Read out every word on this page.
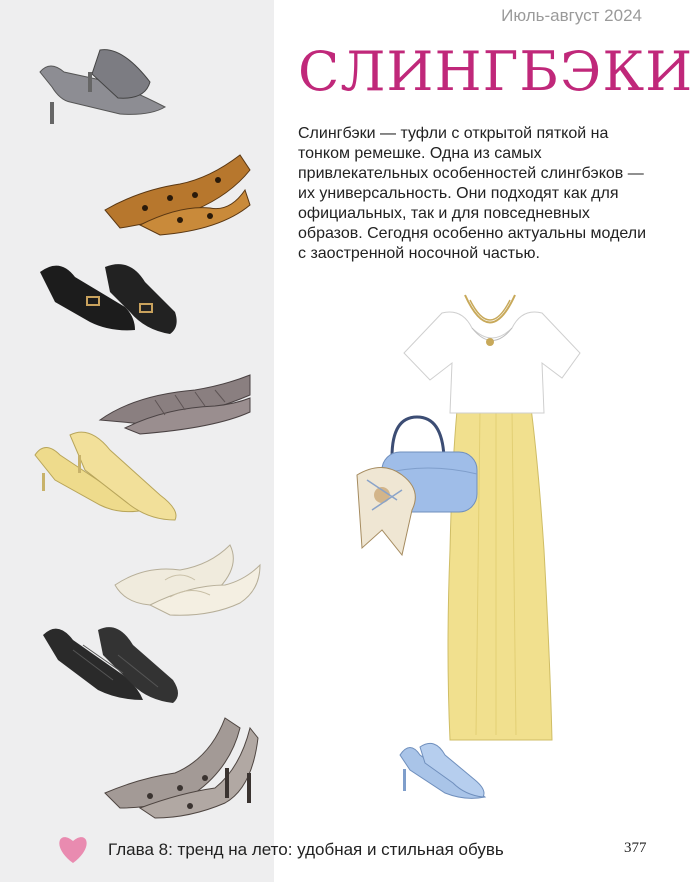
Июль-август 2024
СЛИНГБЭКИ
Слингбэки — туфли с открытой пяткой на тонком ремешке. Одна из самых привлекательных особенностей слингбэков — их универсальность. Они подходят как для официальных, так и для повседневных образов. Сегодня особенно актуальны модели с заостренной носочной частью.
Глава 8: тренд на лето: удобная и стильная обувь	377
